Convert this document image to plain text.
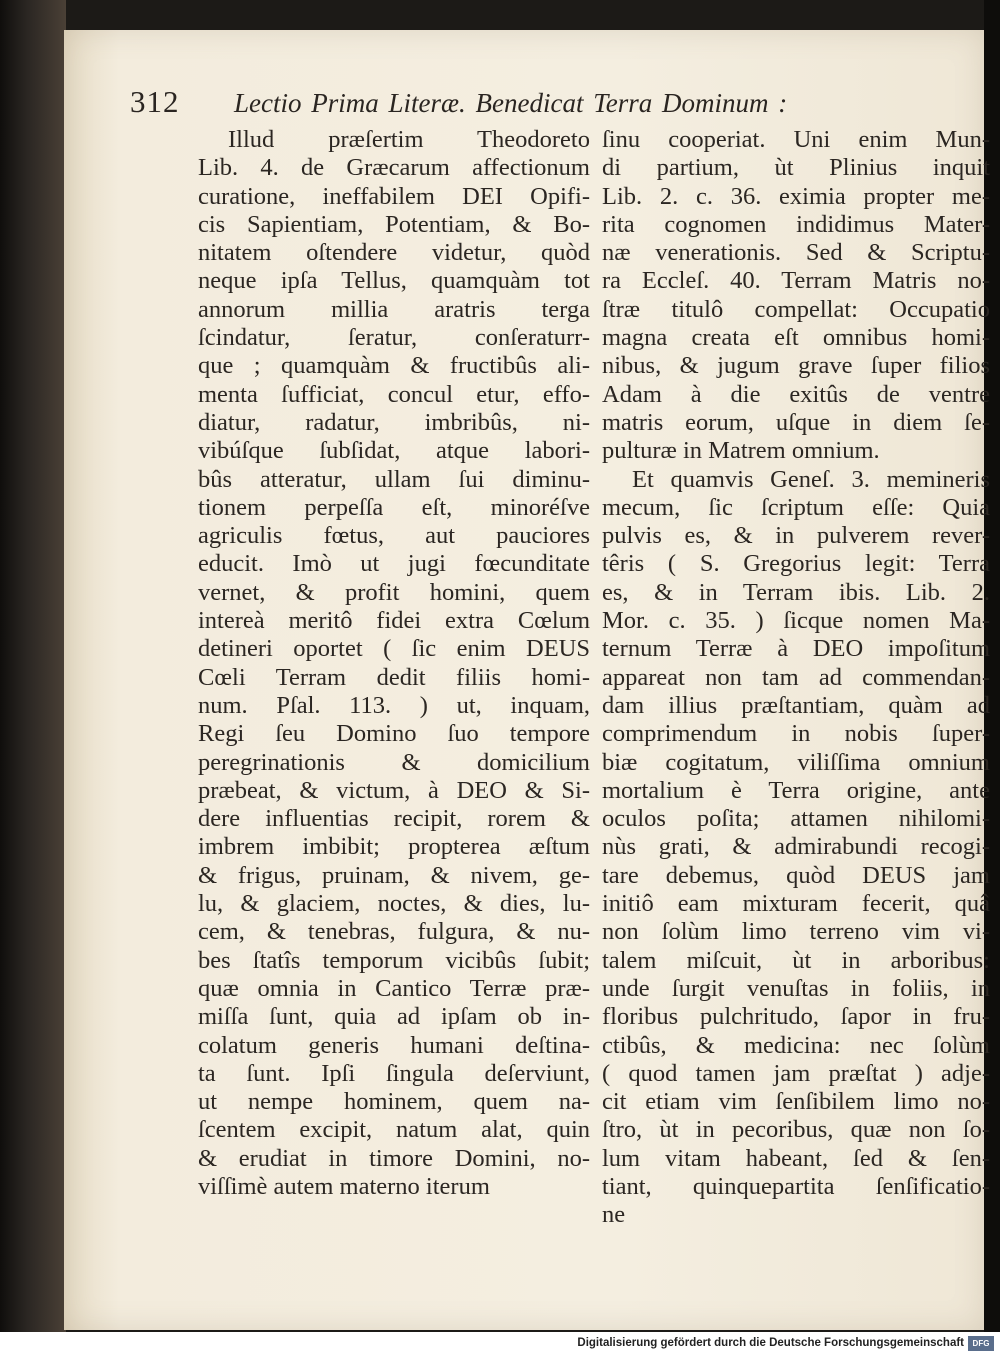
312 Lectio Prima Literæ. Benedicat Terra Dominum :
Illud præſertim Theodoreto
Lib. 4. de Græcarum affectionum
curatione, ineffabilem DEI Opifi-
cis Sapientiam, Potentiam, & Bo-
nitatem oſtendere videtur, quòd
neque ipſa Tellus, quamquàm tot
annorum millia aratris terga
ſcindatur, ſeratur, conſeraturr-
que ; quamquàm & fructibûs ali-
menta ſufficiat, concul etur, effo-
diatur, radatur, imbribûs, ni-
vibúſque ſubſidat, atque labori-
bûs atteratur, ullam ſui diminu-
tionem perpeſſa eſt, minoréſve
agriculis fœtus, aut pauciores
educit. Imò ut jugi fœcunditate
vernet, & profit homini, quem
intereà meritô fidei extra Cœlum
detineri oportet ( ſic enim DEUS
Cœli Terram dedit filiis homi-
num. Pſal. 113. ) ut, inquam,
Regi ſeu Domino ſuo tempore
peregrinationis & domicilium
præbeat, & victum, à DEO & Si-
dere influentias recipit, rorem &
imbrem imbibit; propterea æſtum
& frigus, pruinam, & nivem, ge-
lu, & glaciem, noctes, & dies, lu-
cem, & tenebras, fulgura, & nu-
bes ſtatîs temporum vicibûs ſubit;
quæ omnia in Cantico Terræ præ-
miſſa ſunt, quia ad ipſam ob in-
colatum generis humani deſtina-
ta ſunt. Ipſi ſingula deſerviunt,
ut nempe hominem, quem na-
ſcentem excipit, natum alat, quin
& erudiat in timore Domini, no-
viſſimè autem materno iterum
ſinu cooperiat. Uni enim Mun-
di partium, ùt Plinius inquit
Lib. 2. c. 36. eximia propter me-
rita cognomen indidimus Mater-
næ venerationis. Sed & Scriptu-
ra Eccleſ. 40. Terram Matris no-
ſtræ titulô compellat: Occupatio
magna creata eſt omnibus homi-
nibus, & jugum grave ſuper filios
Adam à die exitûs de ventre
matris eorum, uſque in diem ſe-
pulturæ in Matrem omnium.
Et quamvis Geneſ. 3. memineris
mecum, ſic ſcriptum eſſe: Quia
pulvis es, & in pulverem rever-
têris ( S. Gregorius legit: Terra
es, & in Terram ibis. Lib. 2.
Mor. c. 35. ) ſicque nomen Ma-
ternum Terræ à DEO impoſitum
appareat non tam ad commendan-
dam illius præſtantiam, quàm ad
comprimendum in nobis ſuper-
biæ cogitatum, viliſſima omnium
mortalium è Terra origine, ante
oculos poſita; attamen nihilomi-
nùs grati, & admirabundi recogi-
tare debemus, quòd DEUS jam
initiô eam mixturam fecerit, quâ
non ſolùm limo terreno vim vi-
talem miſcuit, ùt in arboribus:
unde ſurgit venuſtas in foliis, in
floribus pulchritudo, ſapor in fru-
ctibûs, & medicina: nec ſolùm
( quod tamen jam præſtat ) adje-
cit etiam vim ſenſibilem limo no-
ſtro, ùt in pecoribus, quæ non ſo-
lum vitam habeant, ſed & ſen-
tiant, quinquepartita ſenſificatio-
ne
Digitalisierung gefördert durch die Deutsche Forschungsgemeinschaft	DFG
